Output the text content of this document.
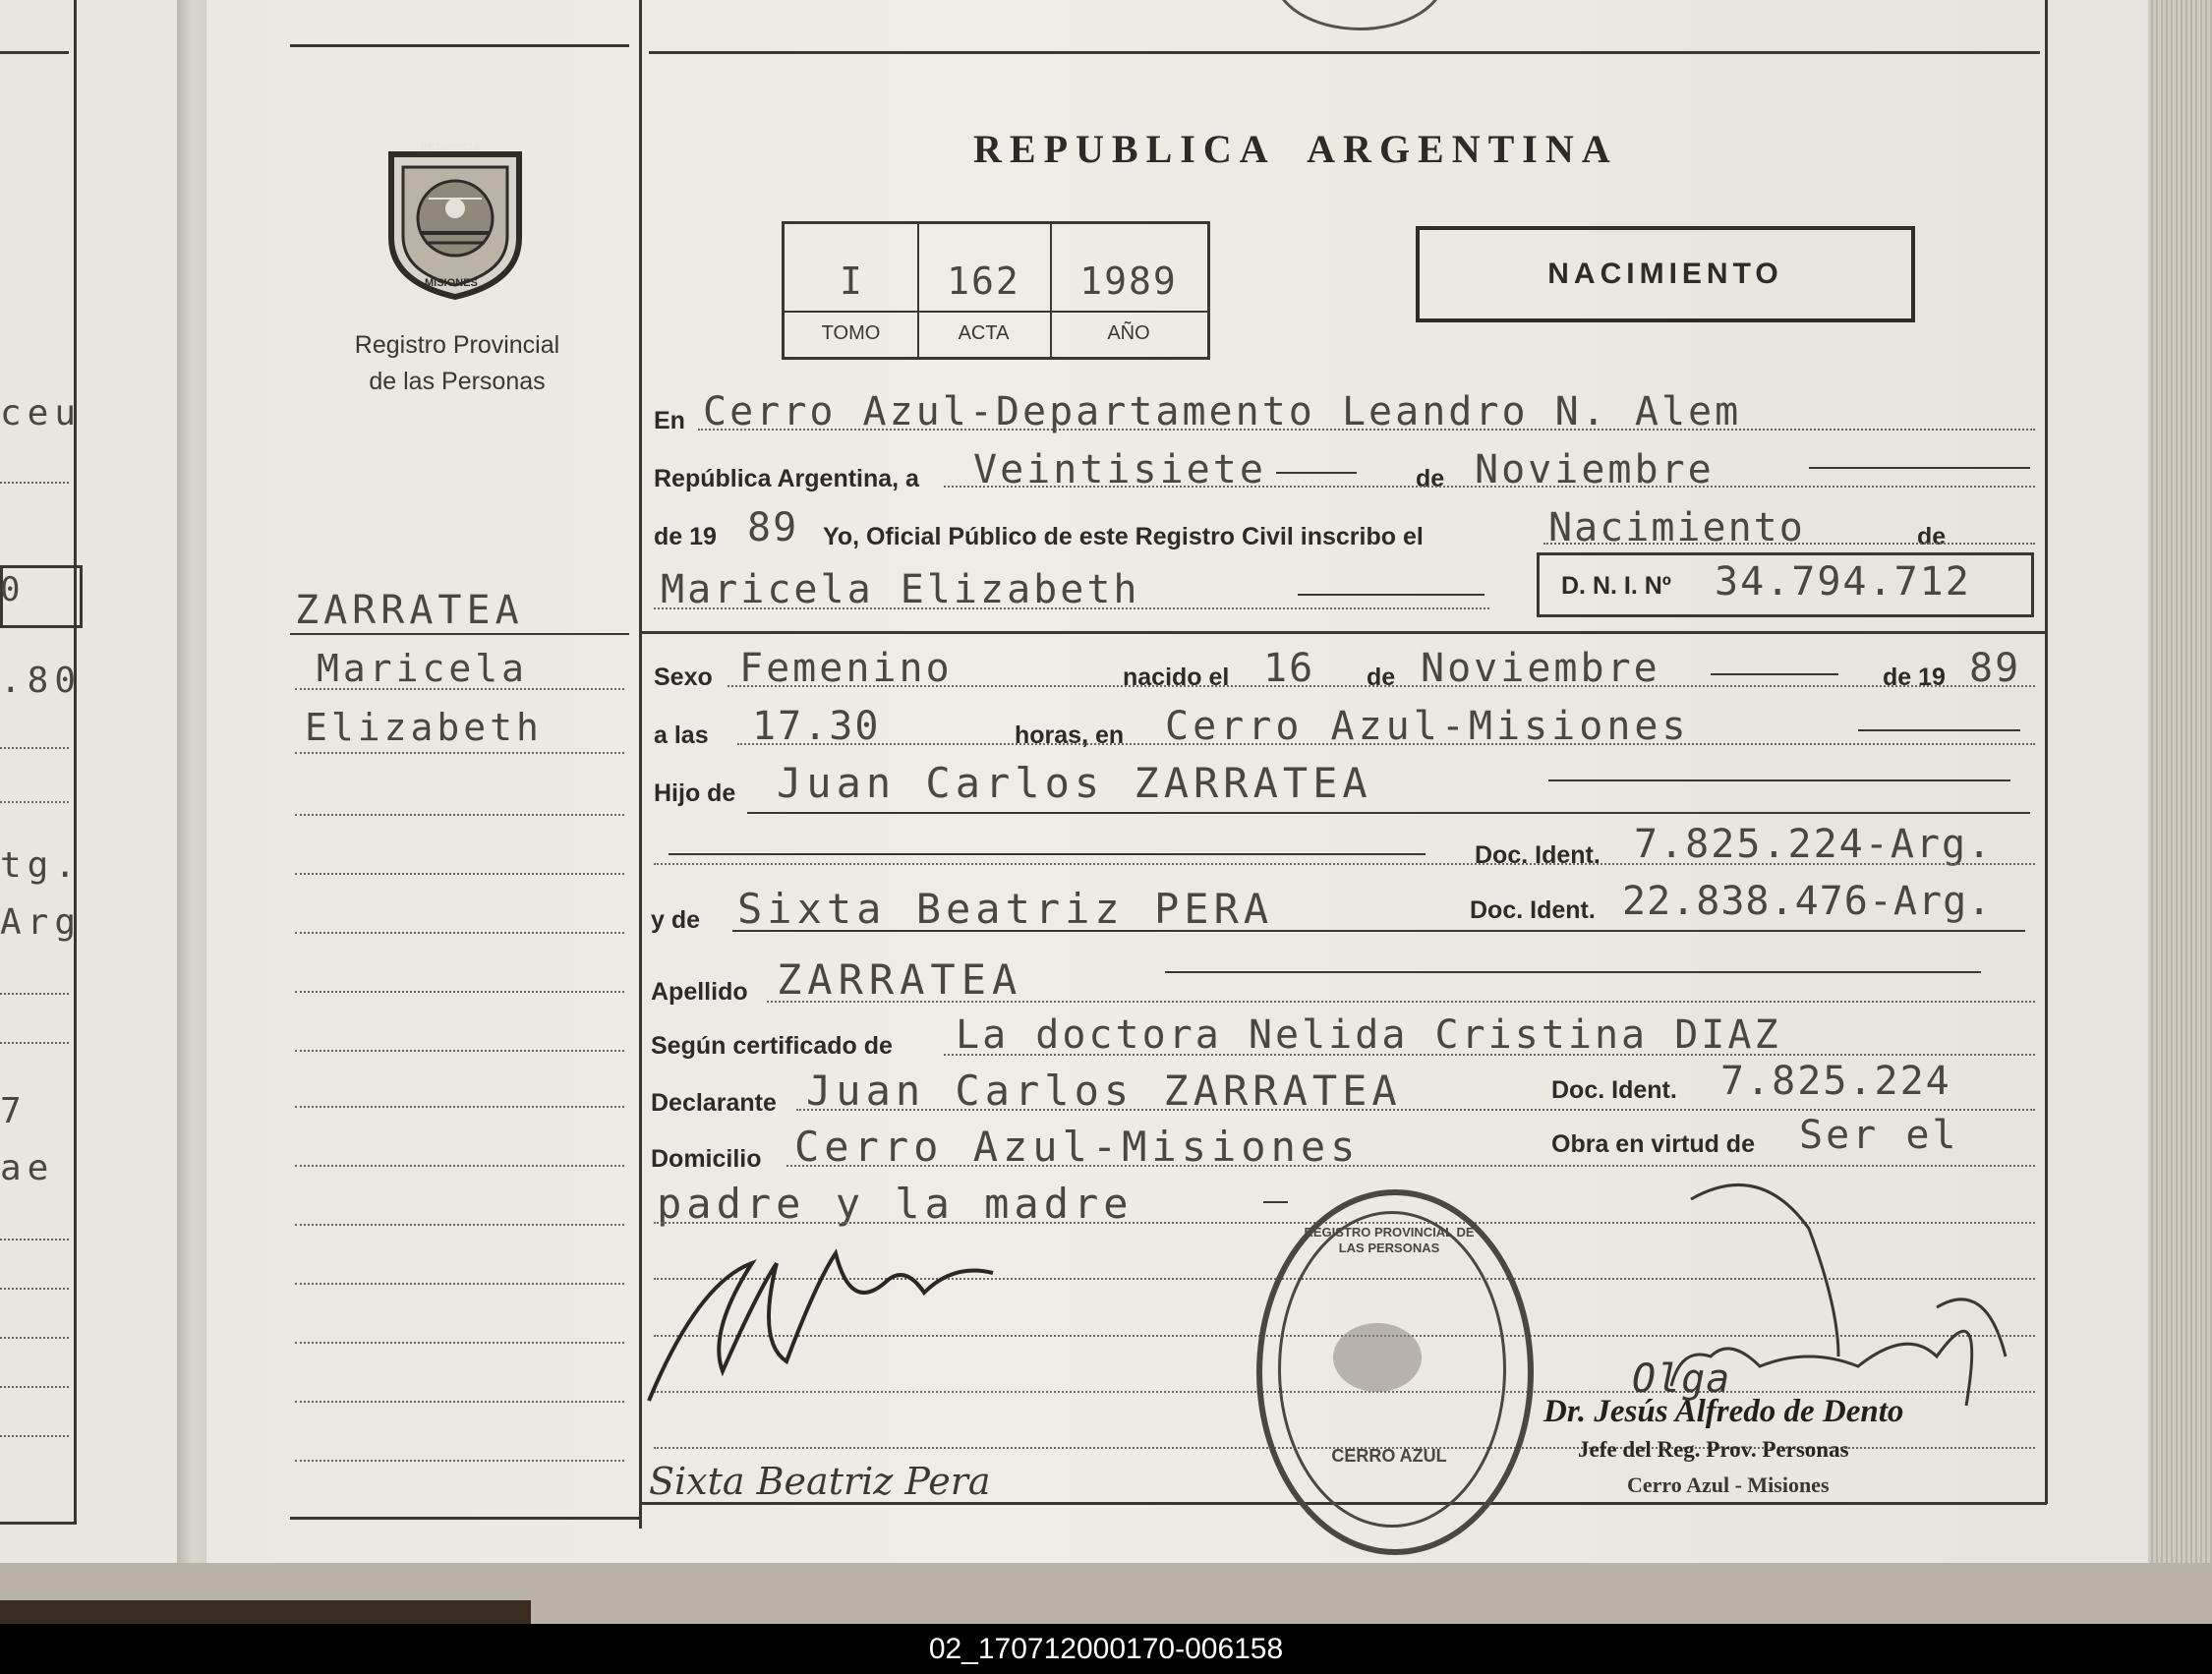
ceu
0
.80
tg.
Arg
7
ae
PROVINCIA
MISIONES
Registro Provincial
de las Personas
REPUBLICA ARGENTINA
I	162	1989
TOMO	ACTA	AÑO
NACIMIENTO
ZARRATEA
Maricela
Elizabeth
En Cerro Azul-Departamento Leandro N. Alem
República Argentina, a Veintisiete	de Noviembre
de 19 89 Yo, Oficial Público de este Registro Civil inscribo el	Nacimiento	de
Maricela Elizabeth	D. N. I. Nº 34.794.712
Sexo Femenino	nacido el 16 de Noviembre	de 19 89
a las 17.30	horas, en Cerro Azul-Misiones
Hijo de Juan Carlos ZARRATEA
Doc. Ident. 7.825.224-Arg.
y de Sixta Beatriz PERA	Doc. Ident. 22.838.476-Arg.
Apellido ZARRATEA
Según certificado de La doctora Nelida Cristina DIAZ
Declarante Juan Carlos ZARRATEA	Doc. Ident. 7.825.224
Domicilio Cerro Azul-Misiones	Obra en virtud de Ser el
padre y la madre
Sixta Beatriz Pera
Olga
Dr. Jesús Alfredo de Dento
Jefe del Reg. Prov. Personas
Cerro Azul - Misiones
CERRO AZUL
REGISTRO PROVINCIAL DE LAS PERSONAS
02_170712000170-006158
